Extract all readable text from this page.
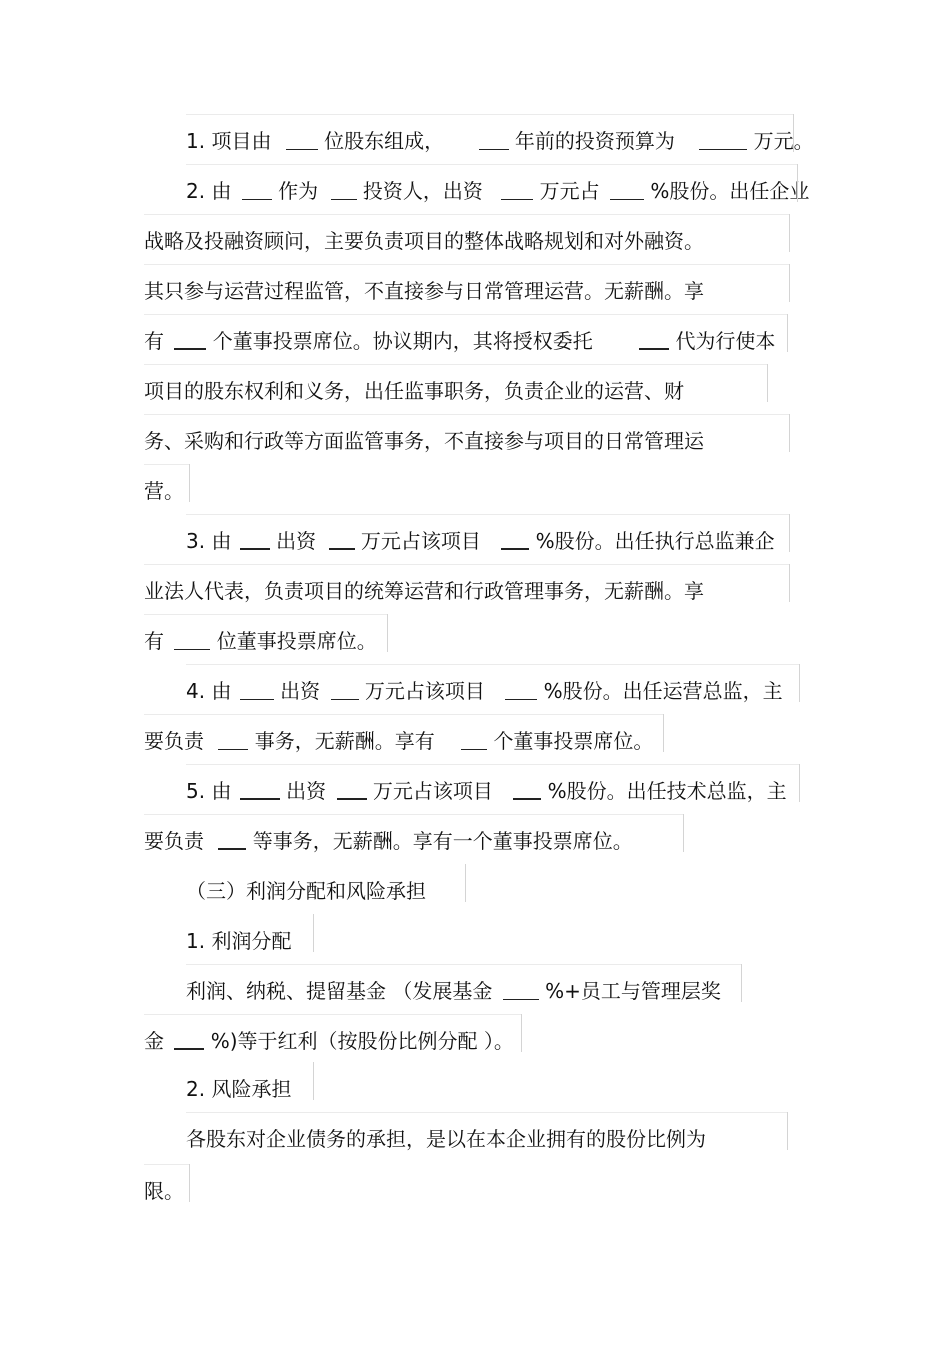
1. 项目由	位股东组成，	年前的投资预算为	万元。
2. 由 作为 投资人，出资	万元占	%股份。出任企业
战略及投融资顾问，主要负责项目的整体战略规划和对外融资。
其只参与运营过程监管，不直接参与日常管理运营。无薪酬。享
有 个董事投票席位。协议期内，其将授权委托	代为行使本
项目的股东权利和义务，出任监事职务，负责企业的运营、财
务、采购和行政等方面监管事务，不直接参与项目的日常管理运
营。
3. 由 出资 万元占该项目	%股份。出任执行总监兼企
业法人代表，负责项目的统筹运营和行政管理事务，无薪酬。享
有	位董事投票席位。
4. 由 出资 万元占该项目	%股份。出任运营总监，主
要负责	事务，无薪酬。享有	个董事投票席位。
5. 由	出资 万元占该项目	%股份。出任技术总监，主
要负责 等事务，无薪酬。享有一个董事投票席位。
（三）利润分配和风险承担
1. 利润分配
利润、纳税、提留基金 （发展基金	%+员工与管理层奖
金 %)等于红利（按股份比例分配 ）。
2. 风险承担
各股东对企业债务的承担，是以在本企业拥有的股份比例为
限。
